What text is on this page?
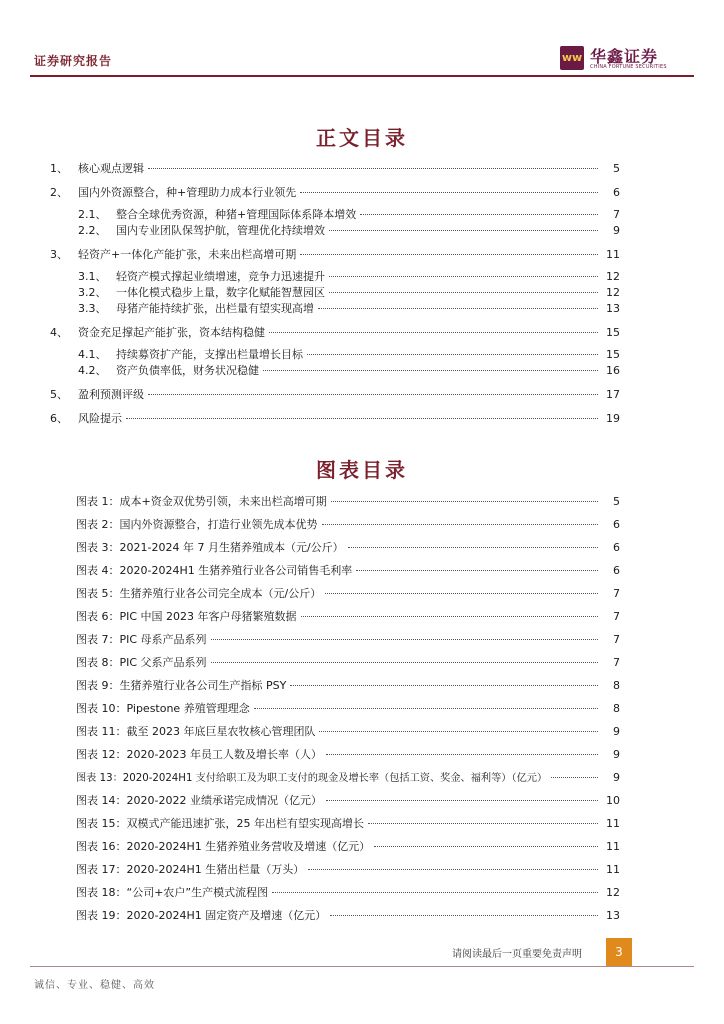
证券研究报告	ww 华鑫证券
CHINA FORTUNE SECURITIES
正文目录
1、 核心观点逻辑	5
2、 国内外资源整合，种+管理助力成本行业领先	6
2.1、 整合全球优秀资源，种猪+管理国际体系降本增效	7
2.2、 国内专业团队保驾护航，管理优化持续增效	9
3、 轻资产+一体化产能扩张，未来出栏高增可期	11
3.1、 轻资产模式撑起业绩增速，竞争力迅速提升	12
3.2、 一体化模式稳步上量，数字化赋能智慧园区	12
3.3、 母猪产能持续扩张，出栏量有望实现高增	13
4、 资金充足撑起产能扩张，资本结构稳健	15
4.1、 持续募资扩产能，支撑出栏量增长目标	15
4.2、 资产负债率低，财务状况稳健	16
5、 盈利预测评级	17
6、 风险提示	19
图表目录
图表 1：成本+资金双优势引领，未来出栏高增可期	5
图表 2：国内外资源整合，打造行业领先成本优势	6
图表 3：2021-2024 年 7 月生猪养殖成本（元/公斤）	6
图表 4：2020-2024H1 生猪养殖行业各公司销售毛利率	6
图表 5：生猪养殖行业各公司完全成本（元/公斤）	7
图表 6：PIC 中国 2023 年客户母猪繁殖数据	7
图表 7：PIC 母系产品系列	7
图表 8：PIC 父系产品系列	7
图表 9：生猪养殖行业各公司生产指标 PSY	8
图表 10：Pipestone 养殖管理理念	8
图表 11：截至 2023 年底巨星农牧核心管理团队	9
图表 12：2020-2023 年员工人数及增长率（人）	9
图表 13：2020-2024H1 支付给职工及为职工支付的现金及增长率（包括工资、奖金、福利等）（亿元）	9
图表 14：2020-2022 业绩承诺完成情况（亿元）	10
图表 15：双模式产能迅速扩张，25 年出栏有望实现高增长	11
图表 16：2020-2024H1 生猪养殖业务营收及增速（亿元）	11
图表 17：2020-2024H1 生猪出栏量（万头）	11
图表 18：“公司+农户”生产模式流程图	12
图表 19：2020-2024H1 固定资产及增速（亿元）	13
请阅读最后一页重要免责声明	3
诚信、专业、稳健、高效
